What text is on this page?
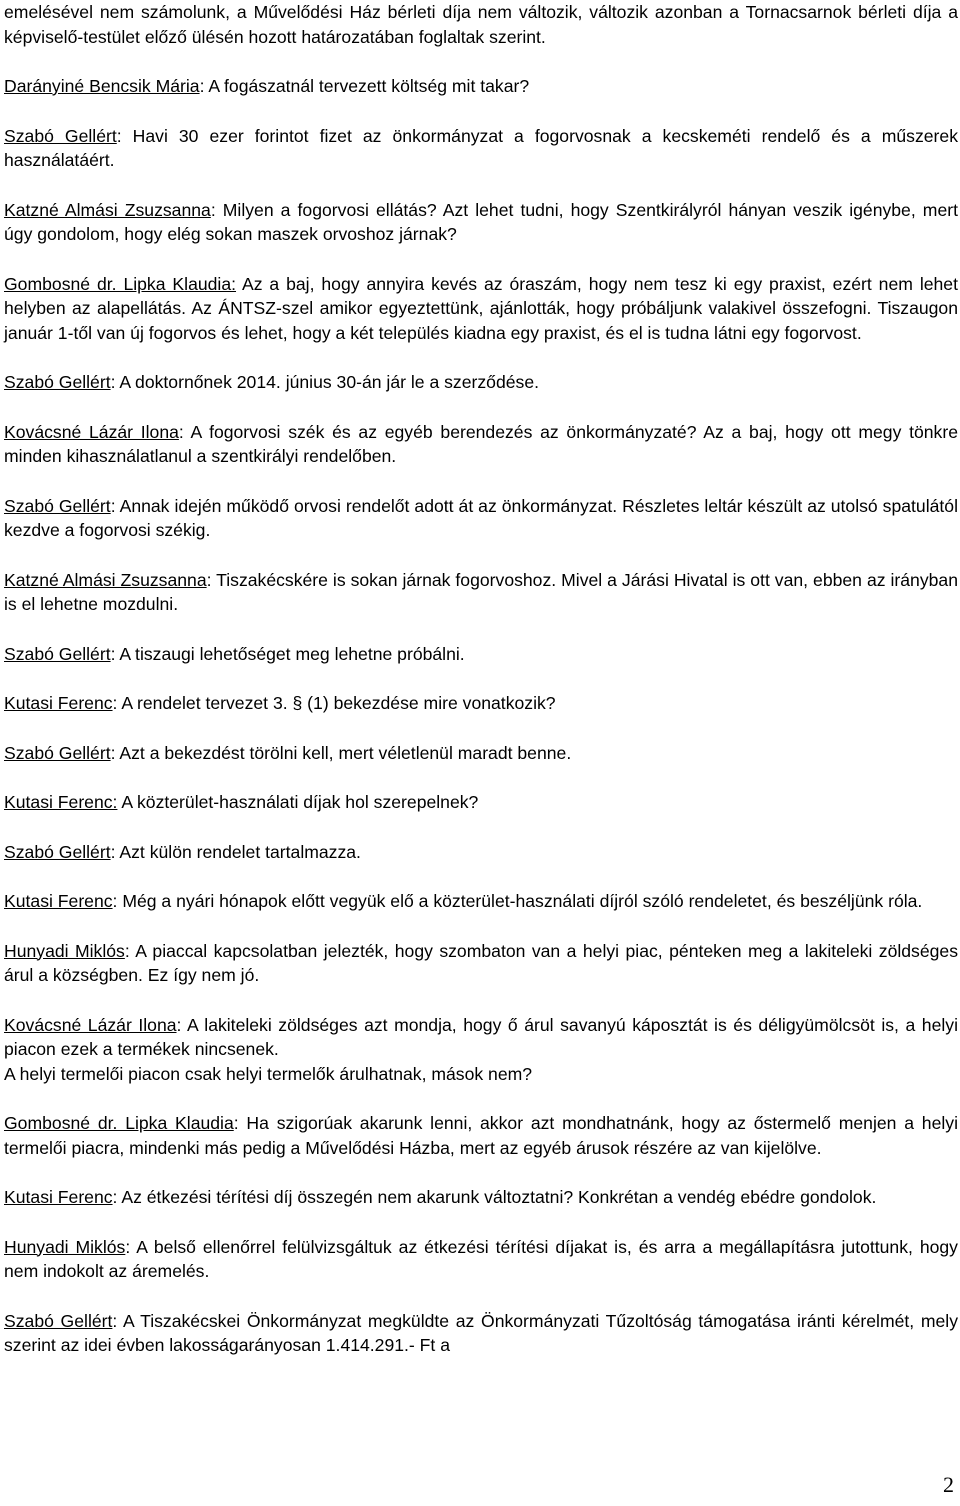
emelésével nem számolunk, a Művelődési Ház bérleti díja nem változik, változik azonban a Tornacsarnok bérleti díja a képviselő-testület előző ülésén hozott határozatában foglaltak szerint.

Darányiné Bencsik Mária: A fogászatnál tervezett költség mit takar?

Szabó Gellért: Havi 30 ezer forintot fizet az önkormányzat a fogorvosnak a kecskeméti rendelő és a műszerek használatáért.

Katzné Almási Zsuzsanna: Milyen a fogorvosi ellátás? Azt lehet tudni, hogy Szentkirályról hányan veszik igénybe, mert úgy gondolom, hogy elég sokan maszek orvoshoz járnak?

Gombosné dr. Lipka Klaudia: Az a baj, hogy annyira kevés az óraszám, hogy nem tesz ki egy praxist, ezért nem lehet helyben az alapellátás. Az ÁNTSZ-szel amikor egyeztettünk, ajánlották, hogy próbáljunk valakivel összefogni. Tiszaugon január 1-től van új fogorvos és lehet, hogy a két település kiadna egy praxist, és el is tudna látni egy fogorvost.

Szabó Gellért: A doktornőnek 2014. június 30-án jár le a szerződése.

Kovácsné Lázár Ilona: A fogorvosi szék és az egyéb berendezés az önkormányzaté? Az a baj, hogy ott megy tönkre minden kihasználatlanul a szentkirályi rendelőben.

Szabó Gellért: Annak idején működő orvosi rendelőt adott át az önkormányzat. Részletes leltár készült az utolsó spatulától kezdve a fogorvosi székig.

Katzné Almási Zsuzsanna: Tiszakécskére is sokan járnak fogorvoshoz. Mivel a Járási Hivatal is ott van, ebben az irányban is el lehetne mozdulni.

Szabó Gellért: A tiszaugi lehetőséget meg lehetne próbálni.

Kutasi Ferenc: A rendelet tervezet 3. § (1) bekezdése mire vonatkozik?

Szabó Gellért: Azt a bekezdést törölni kell, mert véletlenül maradt benne.

Kutasi Ferenc: A közterület-használati díjak hol szerepelnek?

Szabó Gellért: Azt külön rendelet tartalmazza.

Kutasi Ferenc: Még a nyári hónapok előtt vegyük elő a közterület-használati díjról szóló rendeletet, és beszéljünk róla.

Hunyadi Miklós: A piaccal kapcsolatban jelezték, hogy szombaton van a helyi piac, pénteken meg a lakiteleki zöldséges árul a községben. Ez így nem jó.

Kovácsné Lázár Ilona: A lakiteleki zöldséges azt mondja, hogy ő árul savanyú káposztát is és déligyümölcsöt is, a helyi piacon ezek a termékek nincsenek.

A helyi termelői piacon csak helyi termelők árulhatnak, mások nem?

Gombosné dr. Lipka Klaudia: Ha szigorúak akarunk lenni, akkor azt mondhatnánk, hogy az őstermelő menjen a helyi termelői piacra, mindenki más pedig a Művelődési Házba, mert az egyéb árusok részére az van kijelölve.

Kutasi Ferenc: Az étkezési térítési díj összegén nem akarunk változtatni? Konkrétan a vendég ebédre gondolok.

Hunyadi Miklós: A belső ellenőrrel felülvizsgáltuk az étkezési térítési díjakat is, és arra a megállapításra jutottunk, hogy nem indokolt az áremelés.

Szabó Gellért: A Tiszakécskei Önkormányzat megküldte az Önkormányzati Tűzoltóság támogatása iránti kérelmét, mely szerint az idei évben lakosságarányosan 1.414.291.- Ft a

2
